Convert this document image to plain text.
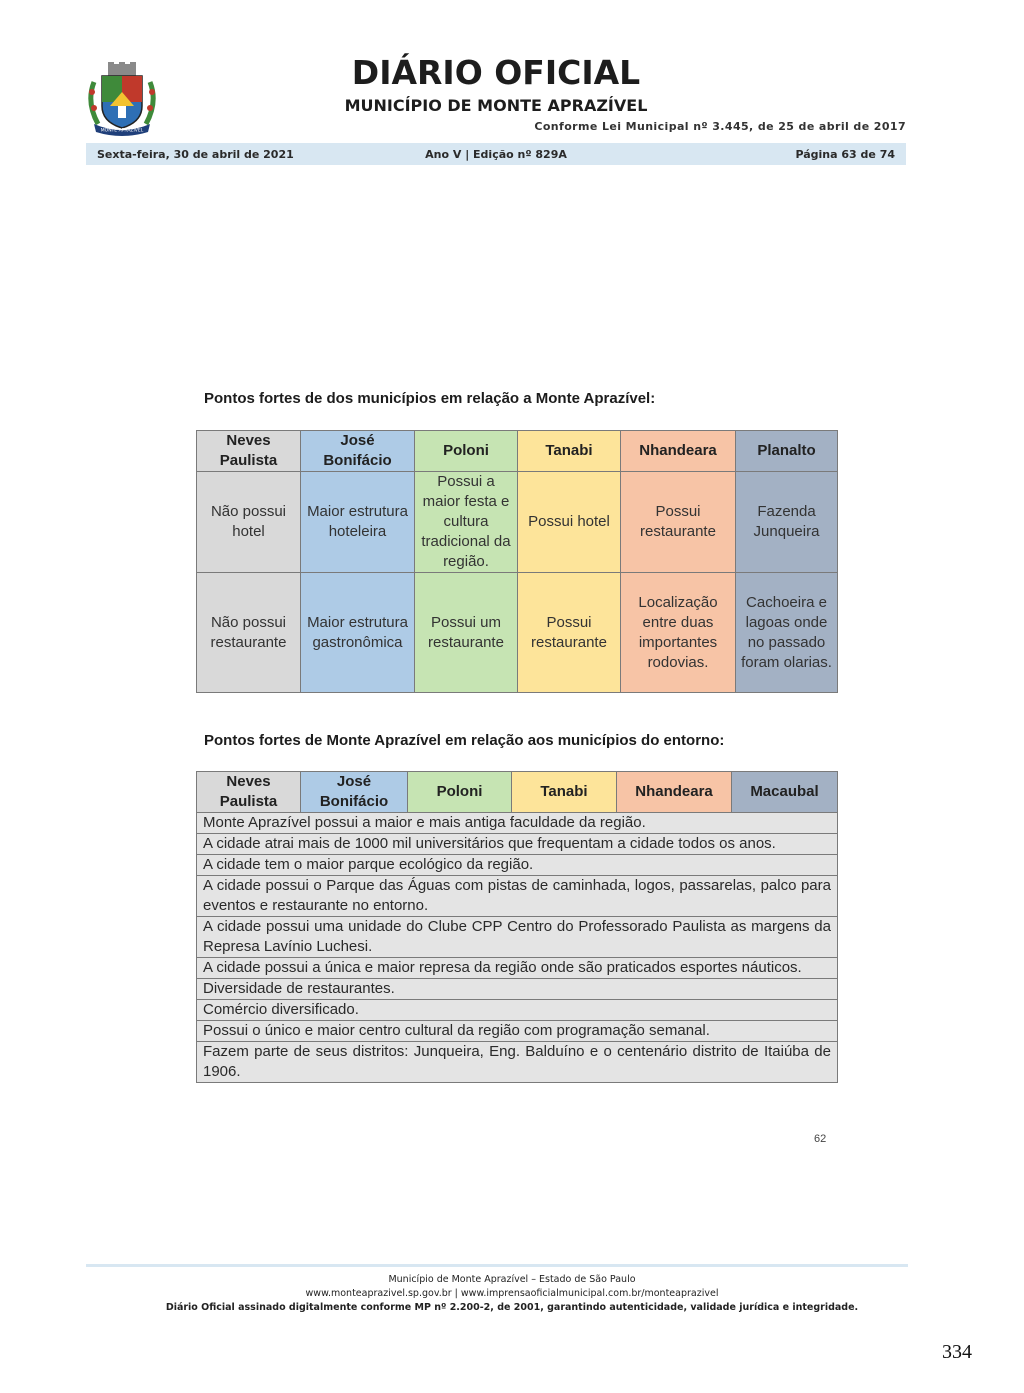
MONTE APRAZÍVEL
DIÁRIO OFICIAL
MUNICÍPIO DE MONTE APRAZÍVEL
Conforme Lei Municipal nº 3.445, de 25 de abril de 2017
Sexta-feira, 30 de abril de 2021	Ano V | Edição nº 829A	Página 63 de 74
Pontos fortes de dos municípios em relação a Monte Aprazível:
Neves Paulista	José Bonifácio	Poloni	Tanabi	Nhandeara	Planalto
Não possui hotel	Maior estrutura hoteleira	Possui a maior festa e cultura tradicional da região.	Possui hotel	Possui restaurante	Fazenda Junqueira
Não possui restaurante	Maior estrutura gastronômica	Possui um restaurante	Possui restaurante	Localização entre duas importantes rodovias.	Cachoeira e lagoas onde no passado foram olarias.
Pontos fortes de Monte Aprazível em relação aos municípios do entorno:
Neves Paulista	José Bonifácio	Poloni	Tanabi	Nhandeara	Macaubal
Monte Aprazível possui a maior e mais antiga faculdade da região.
A cidade atrai mais de 1000 mil universitários que frequentam a cidade todos os anos.
A cidade tem o maior parque ecológico da região.
A cidade possui o Parque das Águas com pistas de caminhada, logos, passarelas, palco para eventos e restaurante no entorno.
A cidade possui uma unidade do Clube CPP Centro do Professorado Paulista as margens da Represa Lavínio Luchesi.
A cidade possui a única e maior represa da região onde são praticados esportes náuticos.
Diversidade de restaurantes.
Comércio diversificado.
Possui o único e maior centro cultural da região com programação semanal.
Fazem parte de seus distritos: Junqueira, Eng. Balduíno e o centenário distrito de Itaiúba de 1906.
62
Município de Monte Aprazível – Estado de São Paulo
www.monteaprazivel.sp.gov.br | www.imprensaoficialmunicipal.com.br/monteaprazivel
Diário Oficial assinado digitalmente conforme MP nº 2.200-2, de 2001, garantindo autenticidade, validade jurídica e integridade.
334
